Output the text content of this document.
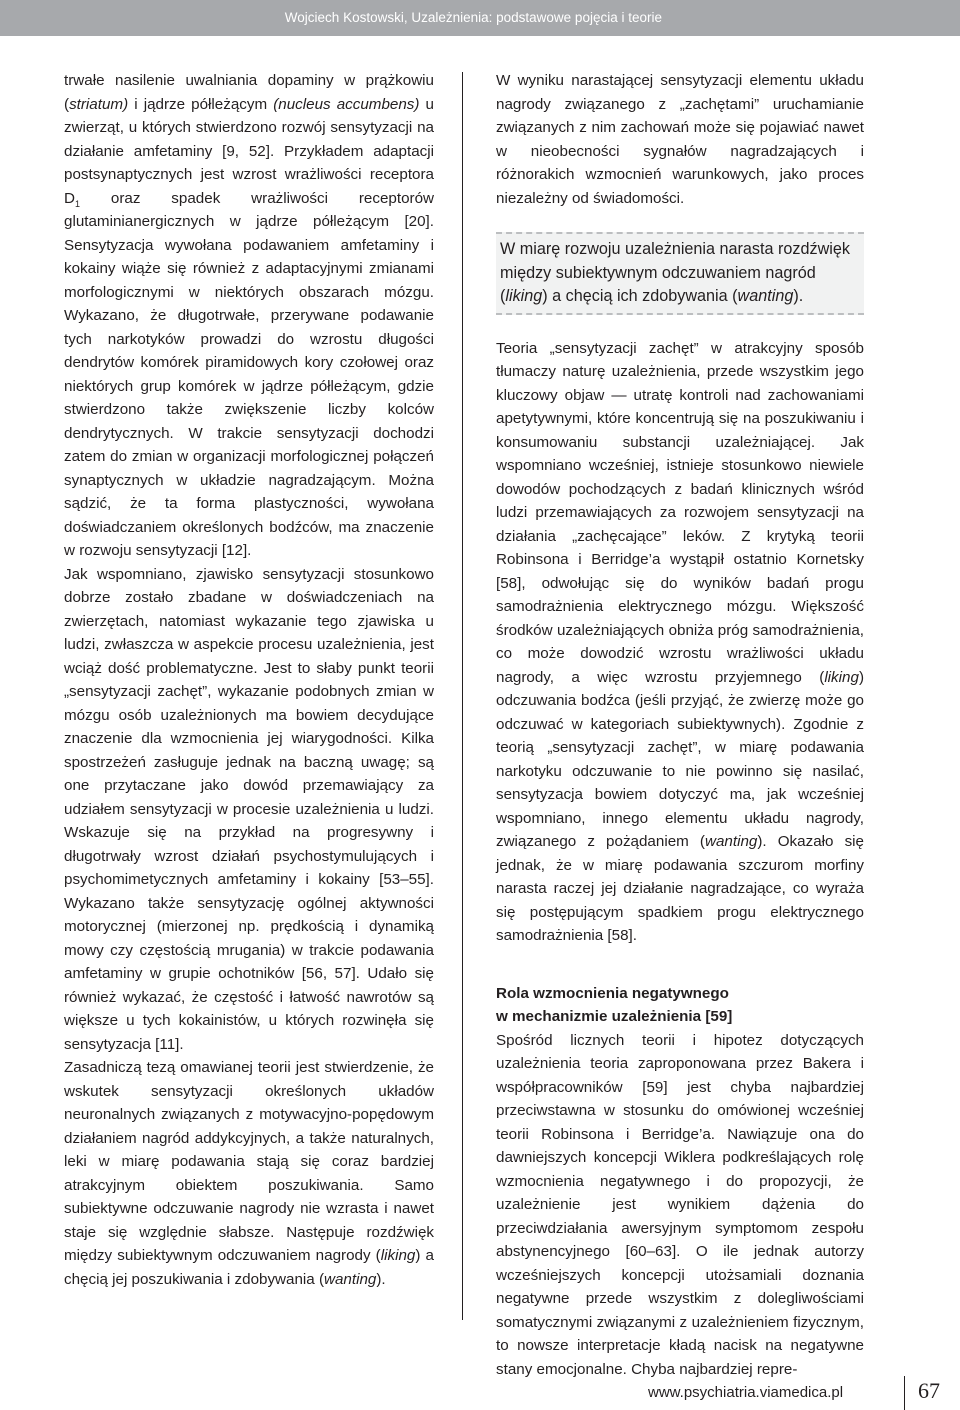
Wojciech Kostowski, Uzależnienia: podstawowe pojęcia i teorie

trwałe nasilenie uwalniania dopaminy w prążkowiu (striatum) i jądrze półleżącym (nucleus accumbens) u zwierząt, u których stwierdzono rozwój sensytyzacji na działanie amfetaminy [9, 52]. Przykładem adaptacji postsynaptycznych jest wzrost wrażliwości receptora $D_1$ oraz spadek wrażliwości receptorów glutaminianergicznych w jądrze półleżącym [20]. Sensytyzacja wywołana podawaniem amfetaminy i kokainy wiąże się również z adaptacyjnymi zmianami morfologicznymi w niektórych obszarach mózgu. Wykazano, że długotrwałe, przerywane podawanie tych narkotyków prowadzi do wzrostu długości dendrytów komórek piramidowych kory czołowej oraz niektórych grup komórek w jądrze półleżącym, gdzie stwierdzono także zwiększenie liczby kolców dendrytycznych. W trakcie sensytyzacji dochodzi zatem do zmian w organizacji morfologicznej połączeń synaptycznych w układzie nagradzającym. Można sądzić, że ta forma plastyczności, wywołana doświadczaniem określonych bodźców, ma znaczenie w rozwoju sensytyzacji [12].

Jak wspomniano, zjawisko sensytyzacji stosunkowo dobrze zostało zbadane w doświadczeniach na zwierzętach, natomiast wykazanie tego zjawiska u ludzi, zwłaszcza w aspekcie procesu uzależnienia, jest wciąż dość problematyczne. Jest to słaby punkt teorii „sensytyzacji zachęt”, wykazanie podobnych zmian w mózgu osób uzależnionych ma bowiem decydujące znaczenie dla wzmocnienia jej wiarygodności. Kilka spostrzeżeń zasługuje jednak na baczną uwagę; są one przytaczane jako dowód przemawiający za udziałem sensytyzacji w procesie uzależnienia u ludzi. Wskazuje się na przykład na progresywny i długotrwały wzrost działań psychostymulujących i psychomimetycznych amfetaminy i kokainy [53–55]. Wykazano także sensytyzację ogólnej aktywności motorycznej (mierzonej np. prędkością i dynamiką mowy czy częstością mrugania) w trakcie podawania amfetaminy w grupie ochotników [56, 57]. Udało się również wykazać, że częstość i łatwość nawrotów są większe u tych kokainistów, u których rozwinęła się sensytyzacja [11].

Zasadniczą tezą omawianej teorii jest stwierdzenie, że wskutek sensytyzacji określonych układów neuronalnych związanych z motywacyjno-popędowym działaniem nagród addykcyjnych, a także naturalnych, leki w miarę podawania stają się coraz bardziej atrakcyjnym obiektem poszukiwania. Samo subiektywne odczuwanie nagrody nie wzrasta i nawet staje się względnie słabsze. Następuje rozdźwięk między subiektywnym odczuwaniem nagrody (liking) a chęcią jej poszukiwania i zdobywania (wanting).

W wyniku narastającej sensytyzacji elementu układu nagrody związanego z „zachętami” uruchamianie związanych z nim zachowań może się pojawiać nawet w nieobecności sygnałów nagradzających i różnorakich wzmocnień warunkowych, jako proces niezależny od świadomości.

W miarę rozwoju uzależnienia narasta rozdźwięk między subiektywnym odczuwaniem nagród (liking) a chęcią ich zdobywania (wanting).

Teoria „sensytyzacji zachęt” w atrakcyjny sposób tłumaczy naturę uzależnienia, przede wszystkim jego kluczowy objaw — utratę kontroli nad zachowaniami apetytywnymi, które koncentrują się na poszukiwaniu i konsumowaniu substancji uzależniającej. Jak wspomniano wcześniej, istnieje stosunkowo niewiele dowodów pochodzących z badań klinicznych wśród ludzi przemawiających za rozwojem sensytyzacji na działania „zachęcające” leków. Z krytyką teorii Robinsona i Berridge’a wystąpił ostatnio Kornetsky [58], odwołując się do wyników badań progu samodrażnienia elektrycznego mózgu. Większość środków uzależniających obniża próg samodrażnienia, co może dowodzić wzrostu wrażliwości układu nagrody, a więc wzrostu przyjemnego (liking) odczuwania bodźca (jeśli przyjąć, że zwierzę może go odczuwać w kategoriach subiektywnych). Zgodnie z teorią „sensytyzacji zachęt”, w miarę podawania narkotyku odczuwanie to nie powinno się nasilać, sensytyzacja bowiem dotyczyć ma, jak wcześniej wspomniano, innego elementu układu nagrody, związanego z pożądaniem (wanting). Okazało się jednak, że w miarę podawania szczurom morfiny narasta raczej jej działanie nagradzające, co wyraża się postępującym spadkiem progu elektrycznego samodrażnienia [58].

Rola wzmocnienia negatywnego
w mechanizmie uzależnienia [59]

Spośród licznych teorii i hipotez dotyczących uzależnienia teoria zaproponowana przez Bakera i współpracowników [59] jest chyba najbardziej przeciwstawna w stosunku do omówionej wcześniej teorii Robinsona i Berridge’a. Nawiązuje ona do dawniejszych koncepcji Wiklera podkreślających rolę wzmocnienia negatywnego i do propozycji, że uzależnienie jest wynikiem dążenia do przeciwdziałania awersyjnym symptomom zespołu abstynencyjnego [60–63]. O ile jednak autorzy wcześniejszych koncepcji utożsamiali doznania negatywne przede wszystkim z dolegliwościami somatycznymi związanymi z uzależnieniem fizycznym, to nowsze interpretacje kładą nacisk na negatywne stany emocjonalne. Chyba najbardziej repre-

www.psychiatria.viamedica.pl	67
